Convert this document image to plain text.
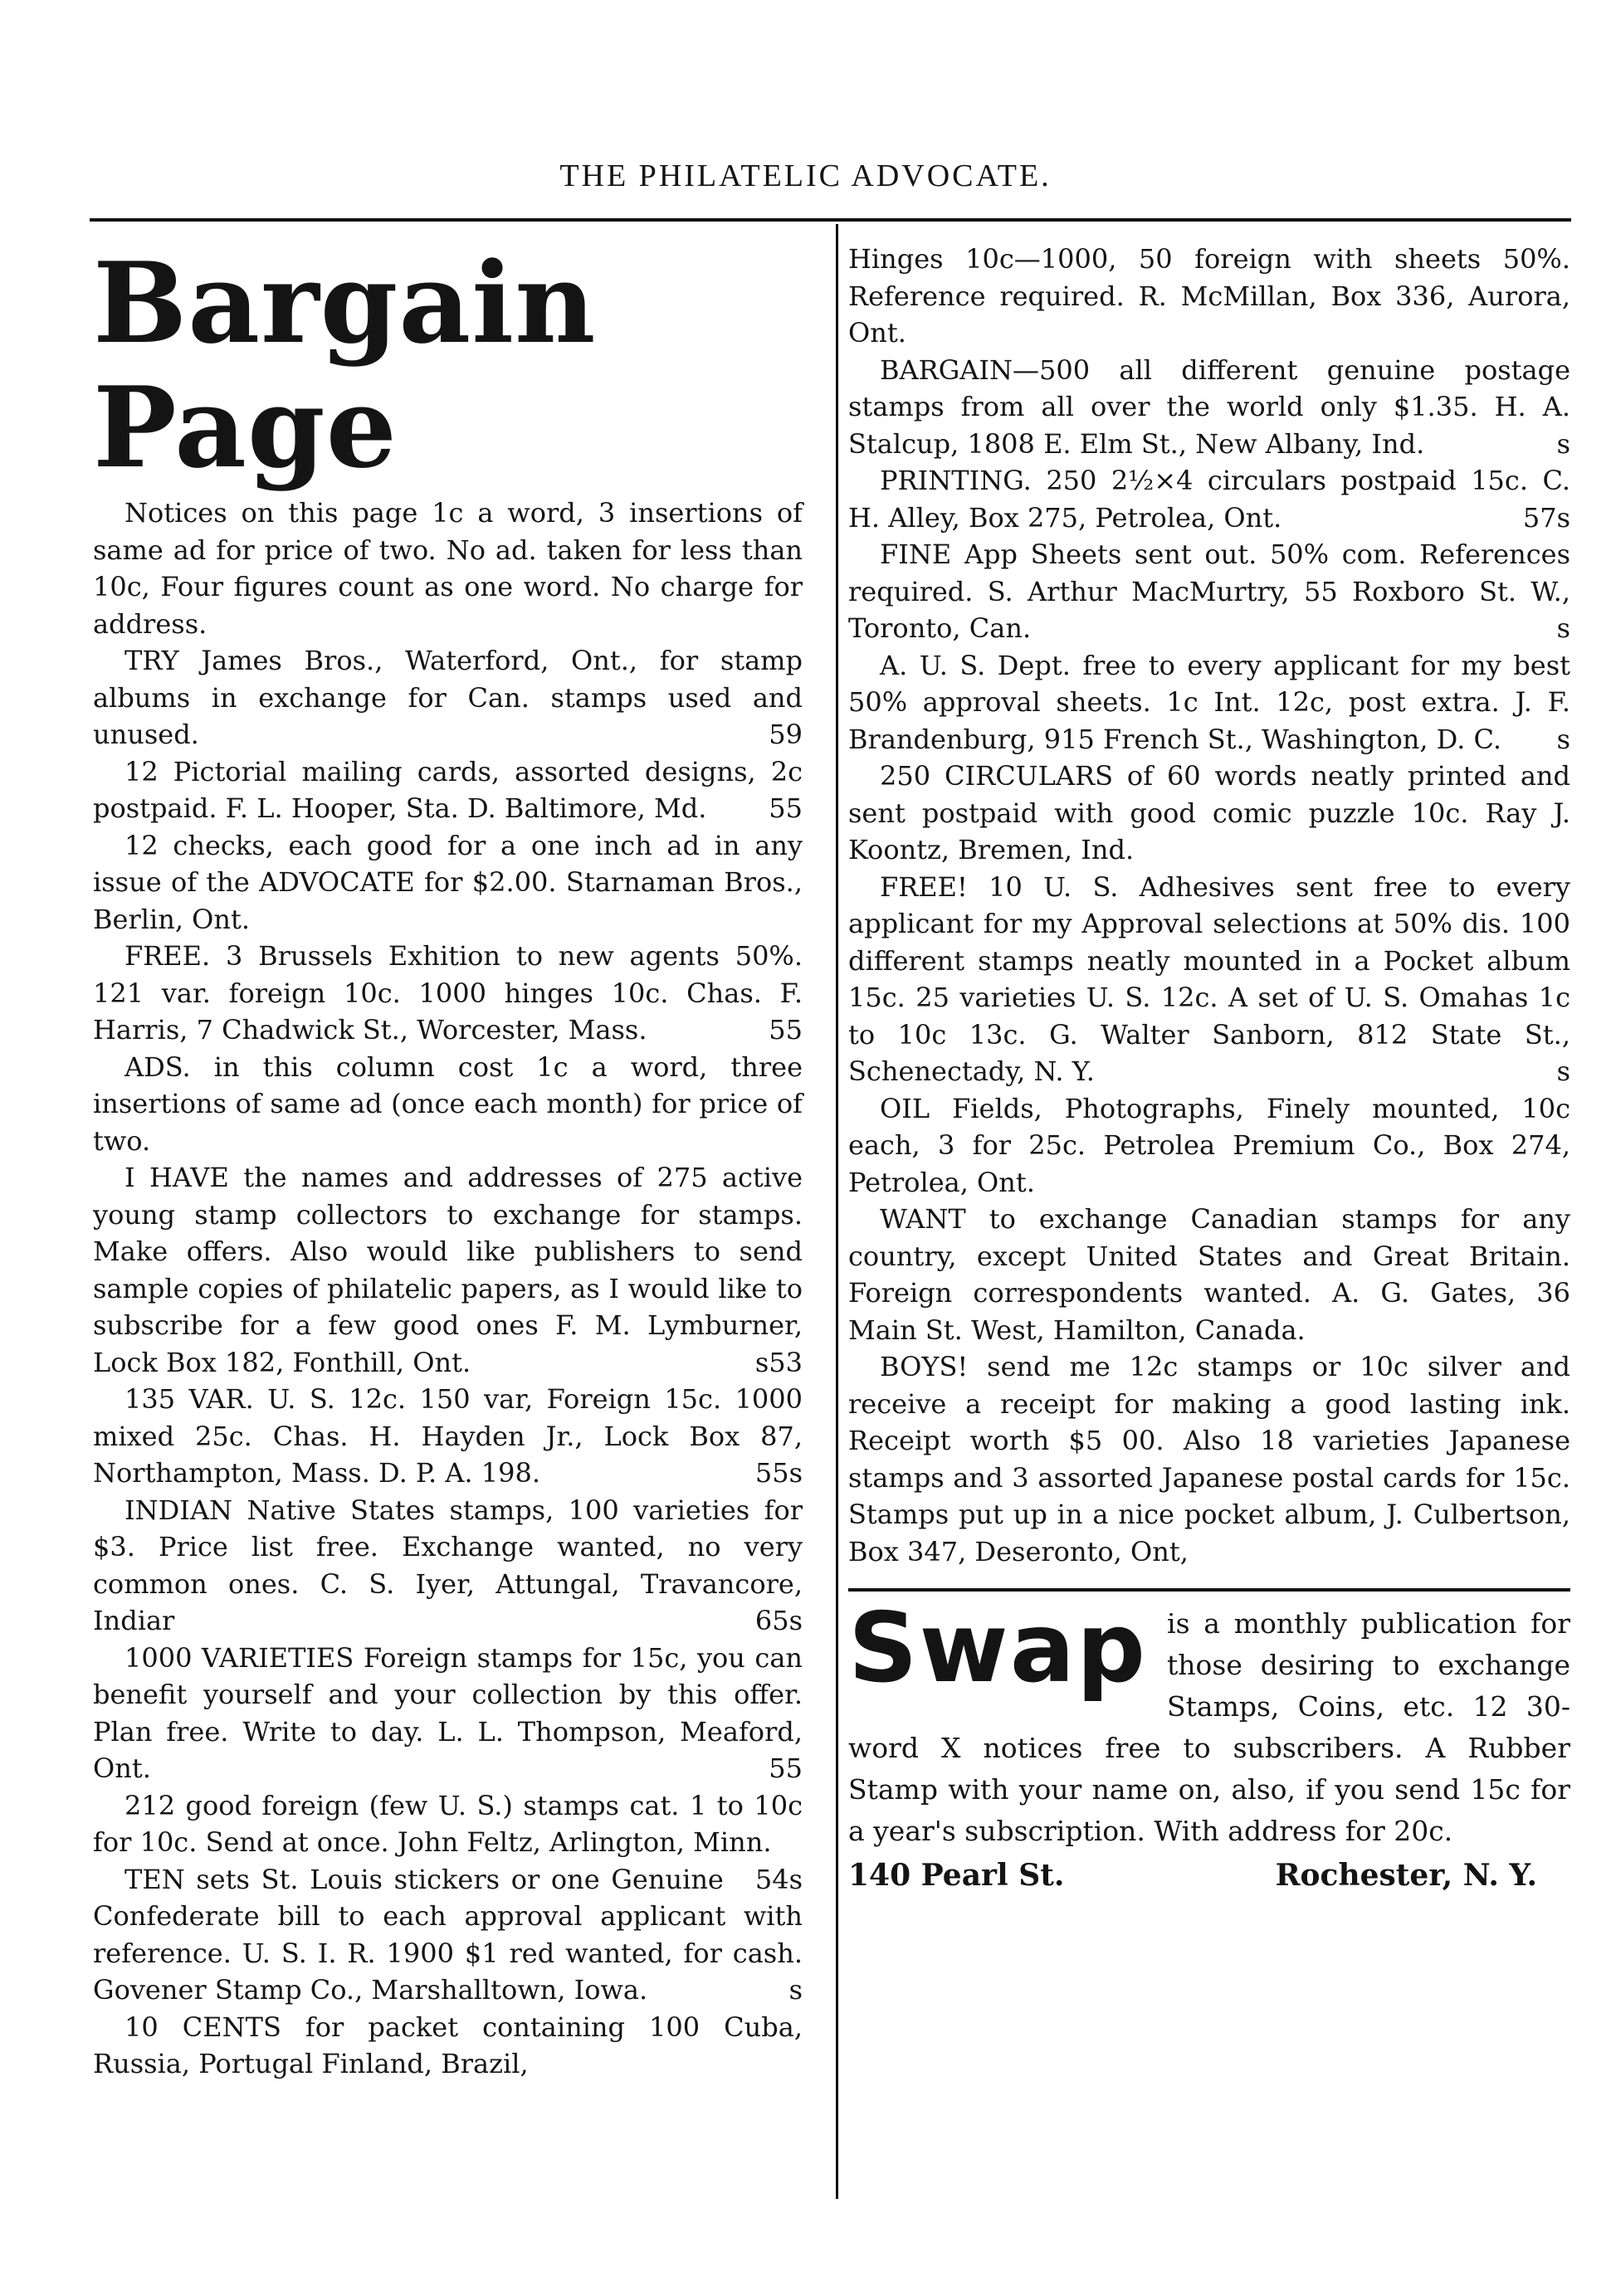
THE PHILATELIC ADVOCATE.
Bargain Page

Notices on this page 1c a word, 3 insertions of same ad for price of two. No ad. taken for less than 10c, Four figures count as one word. No charge for address.

TRY James Bros., Waterford, Ont., for stamp albums in exchange for Can. stamps used and unused.	59

12 Pictorial mailing cards, assorted designs, 2c postpaid. F. L. Hooper, Sta. D. Baltimore, Md.	55

12 checks, each good for a one inch ad in any issue of the ADVOCATE for $2.00. Starnaman Bros., Berlin, Ont.

FREE. 3 Brussels Exhition to new agents 50%. 121 var. foreign 10c. 1000 hinges 10c. Chas. F. Harris, 7 Chadwick St., Worcester, Mass.	55

ADS. in this column cost 1c a word, three insertions of same ad (once each month) for price of two.

I HAVE the names and addresses of 275 active young stamp collectors to exchange for stamps. Make offers. Also would like publishers to send sample copies of philatelic papers, as I would like to subscribe for a few good ones F. M. Lymburner, Lock Box 182, Fonthill, Ont.	s53

135 VAR. U. S. 12c. 150 var, Foreign 15c. 1000 mixed 25c. Chas. H. Hayden Jr., Lock Box 87, Northampton, Mass. D. P. A. 198.	55s

INDIAN Native States stamps, 100 varieties for $3. Price list free. Exchange wanted, no very common ones. C. S. Iyer, Attungal, Travancore, Indiar	65s

1000 VARIETIES Foreign stamps for 15c, you can benefit yourself and your collection by this offer. Plan free. Write to day. L. L. Thompson, Meaford, Ont.	55

212 good foreign (few U. S.) stamps cat. 1 to 10c for 10c. Send at once. John Feltz, Arlington, Minn.
54s

TEN sets St. Louis stickers or one Genuine Confederate bill to each approval applicant with reference. U. S. I. R. 1900 $1 red wanted, for cash. Govener Stamp Co., Marshalltown, Iowa.	s

10 CENTS for packet containing 100 Cuba, Russia, Portugal Finland, Brazil,

Hinges 10c—1000, 50 foreign with sheets 50%. Reference required. R. McMillan, Box 336, Aurora, Ont.

BARGAIN—500 all different genuine postage stamps from all over the world only $1.35. H. A. Stalcup, 1808 E. Elm St., New Albany, Ind.	s

PRINTING. 250 2½×4 circulars postpaid 15c. C. H. Alley, Box 275, Petrolea, Ont.	57s

FINE App Sheets sent out. 50% com. References required. S. Arthur MacMurtry, 55 Roxboro St. W., Toronto, Can.	s

A. U. S. Dept. free to every applicant for my best 50% approval sheets. 1c Int. 12c, post extra. J. F. Brandenburg, 915 French St., Washington, D. C.	s

250 CIRCULARS of 60 words neatly printed and sent postpaid with good comic puzzle 10c. Ray J. Koontz, Bremen, Ind.

FREE! 10 U. S. Adhesives sent free to every applicant for my Approval selections at 50% dis. 100 different stamps neatly mounted in a Pocket album 15c. 25 varieties U. S. 12c. A set of U. S. Omahas 1c to 10c 13c. G. Walter Sanborn, 812 State St., Schenectady, N. Y.	s

OIL Fields, Photographs, Finely mounted, 10c each, 3 for 25c. Petrolea Premium Co., Box 274, Petrolea, Ont.

WANT to exchange Canadian stamps for any country, except United States and Great Britain. Foreign correspondents wanted. A. G. Gates, 36 Main St. West, Hamilton, Canada.

BOYS! send me 12c stamps or 10c silver and receive a receipt for making a good lasting ink. Receipt worth $5 00. Also 18 varieties Japanese stamps and 3 assorted Japanese postal cards for 15c. Stamps put up in a nice pocket album, J. Culbertson, Box 347, Deseronto, Ont,

Swap is a monthly publication for those desiring to exchange Stamps, Coins, etc. 12 30-word X notices free to subscribers. A Rubber Stamp with your name on, also, if you send 15c for a year's subscription. With address for 20c.

140 Pearl St.	Rochester, N. Y.
